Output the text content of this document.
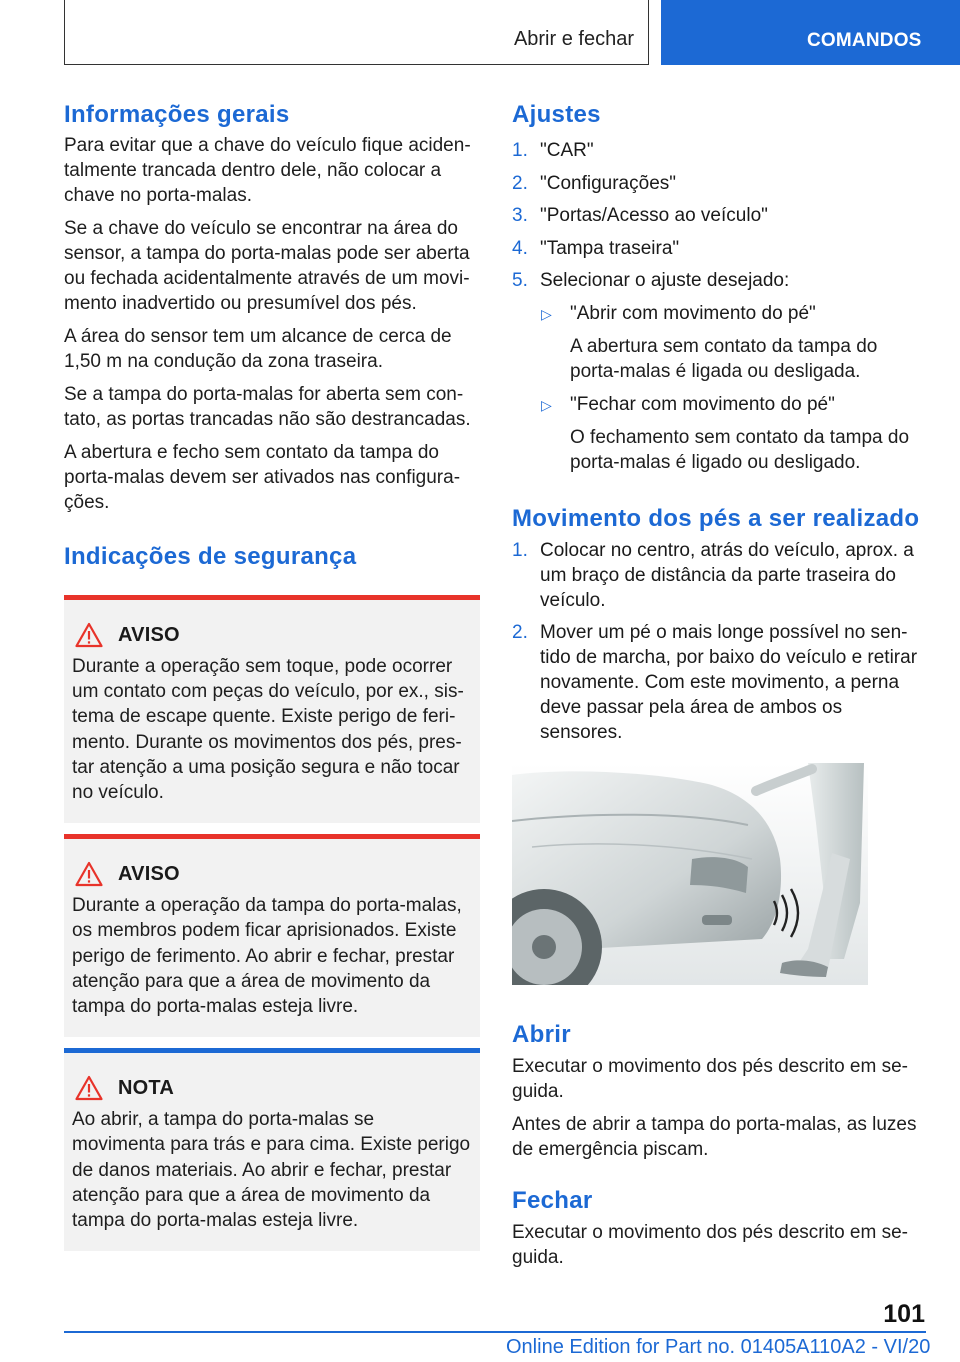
Abrir e fechar	COMANDOS
Informações gerais

Para evitar que a chave do veículo fique aciden-talmente trancada dentro dele, não colocar a chave no porta-malas.

Se a chave do veículo se encontrar na área do sensor, a tampa do porta-malas pode ser aberta ou fechada acidentalmente através de um movi-mento inadvertido ou presumível dos pés.

A área do sensor tem um alcance de cerca de 1,50 m na condução da zona traseira.

Se a tampa do porta-malas for aberta sem con-tato, as portas trancadas não são destrancadas.

A abertura e fecho sem contato da tampa do porta-malas devem ser ativados nas configura-ções.

Indicações de segurança
AVISO

Durante a operação sem toque, pode ocorrer um contato com peças do veículo, por ex., sis-tema de escape quente. Existe perigo de feri-mento. Durante os movimentos dos pés, pres-tar atenção a uma posição segura e não tocar no veículo.

AVISO

Durante a operação da tampa do porta-malas, os membros podem ficar aprisionados. Existe perigo de ferimento. Ao abrir e fechar, prestar atenção para que a área de movimento da tampa do porta-malas esteja livre.

NOTA

Ao abrir, a tampa do porta-malas se movimenta para trás e para cima. Existe perigo de danos materiais. Ao abrir e fechar, prestar atenção para que a área de movimento da tampa do porta-malas esteja livre.

Ajustes
1. "CAR"
2. "Configurações"
3. "Portas/Acesso ao veículo"
4. "Tampa traseira"
5. Selecionar o ajuste desejado:
▷ "Abrir com movimento do pé"

A abertura sem contato da tampa do porta-malas é ligada ou desligada.

▷ "Fechar com movimento do pé"

O fechamento sem contato da tampa do porta-malas é ligado ou desligado.

Movimento dos pés a ser realizado
1. Colocar no centro, atrás do veículo, aprox. a um braço de distância da parte traseira do veículo.
2. Mover um pé o mais longe possível no sen-tido de marcha, por baixo do veículo e retirar novamente. Com este movimento, a perna deve passar pela área de ambos os sensores.
Abrir

Executar o movimento dos pés descrito em se-guida.

Antes de abrir a tampa do porta-malas, as luzes de emergência piscam.

Fechar

Executar o movimento dos pés descrito em se-guida.

101
Online Edition for Part no. 01405A110A2 - VI/20
